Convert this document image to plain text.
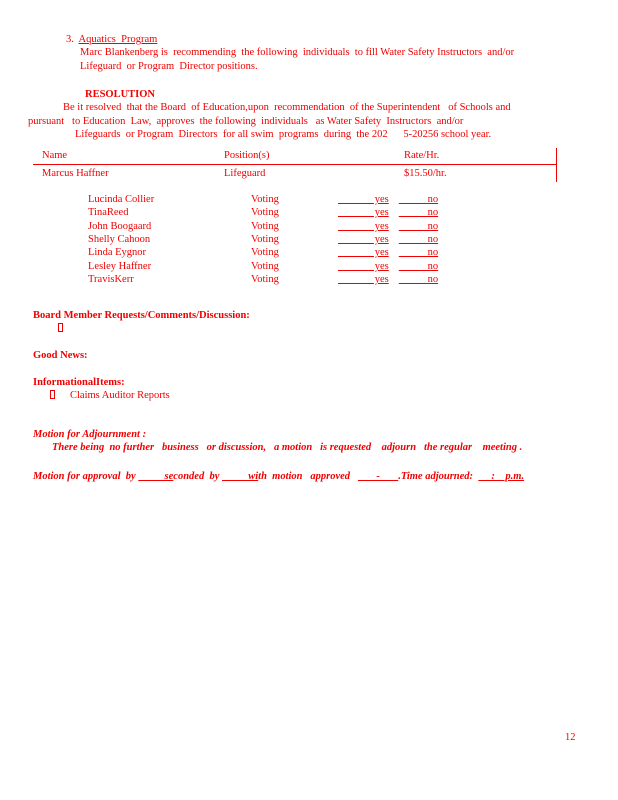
3. Aquatics  Program
Marc Blankenberg is  recommending  the following  individuals  to fill Water Safety Instructors  and/or
Lifeguard  or Program  Director positions.
RESOLUTION
Be it resolved  that the Board  of Education,upon  recommendation  of the Superintendent   of Schools and
pursuant   to Education  Law,  approves  the following  individuals   as Water Safety  Instructors  and/or
Lifeguards  or Program  Directors  for all swim  programs  during  the 202      5-20256 school year.
Name	Position(s)	Rate/Hr.
Marcus Haffner	Lifeguard	$15.50/hr.
Lucinda Collier	Voting	yes           no
TinaReed	Voting	yes           no
John Boogaard	Voting	yes           no
Shelly Cahoon	Voting	yes           no
Linda Eygnor	Voting	yes           no
Lesley Haffner	Voting	yes           no
TravisKerr	Voting	yes           no
Board Member Requests/Comments/Discussion:
Good News:
InformationalItems:
Claims Auditor Reports
Motion for Adjournment :
There being  no further   business   or discussion,   a motion   is requested    adjourn   the regular    meeting .
Motion for approval  by           seconded  by           with  motion   approved          -       .Time adjourned:       :    p.m.
12
